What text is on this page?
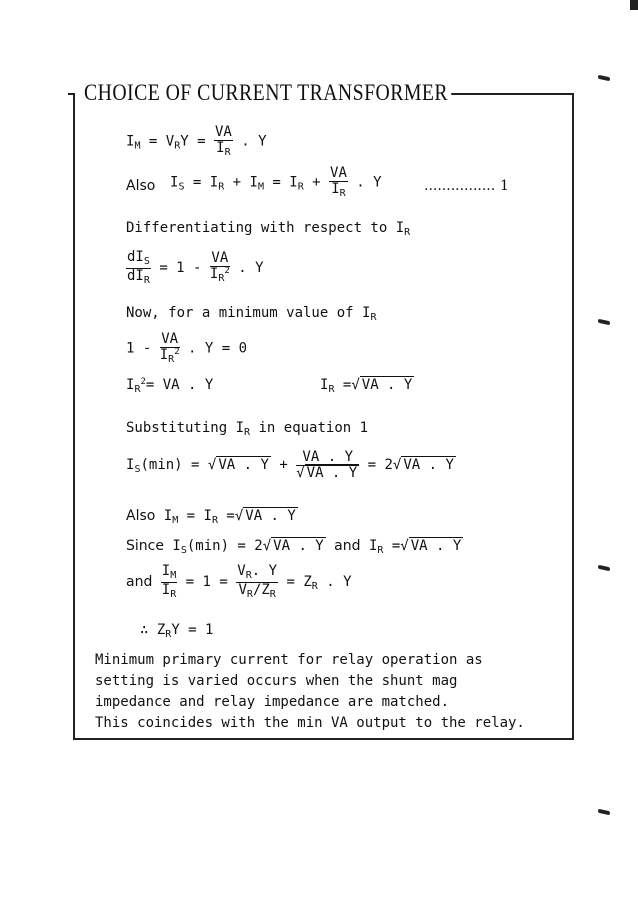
CHOICE OF CURRENT TRANSFORMER
$I_M = V_RY = \frac{VA}{I_R}$ . Y
Also $I_S = I_R + I_M = I_R + \frac{VA}{I_R}$ . Y	................ 1
Differentiating with respect to $I_R$
$\frac{dI_S}{dI_R} = 1 - \frac{VA}{I_R^2}$ . Y
Now, for a minimum value of $I_R$
$1 - \frac{VA}{I_R^2}$ . Y = 0
$I_R^2=$ VA . Y	$I_R$ =√ VA . Y
Substituting $I_R$ in equation 1
$I_S(\min)$ = √ VA . $Y + \frac{VA . Y}{√ VA . Y} = 2√$ VA . Y
Also $I_M = I_R$ =√ VA . Y
Since $I_S(\min) = 2√$ VA . Y and $I_R$ =√ VA . Y
and $\frac{I_M}{I_R} = 1 = \frac{V_R. Y}{V_R/Z_R} = Z_R$ . Y
∴ $Z_RY = 1$
Minimum primary current for relay operation as
setting is varied occurs when the shunt mag
impedance and relay impedance are matched.
This coincides with the min VA output to the relay.
